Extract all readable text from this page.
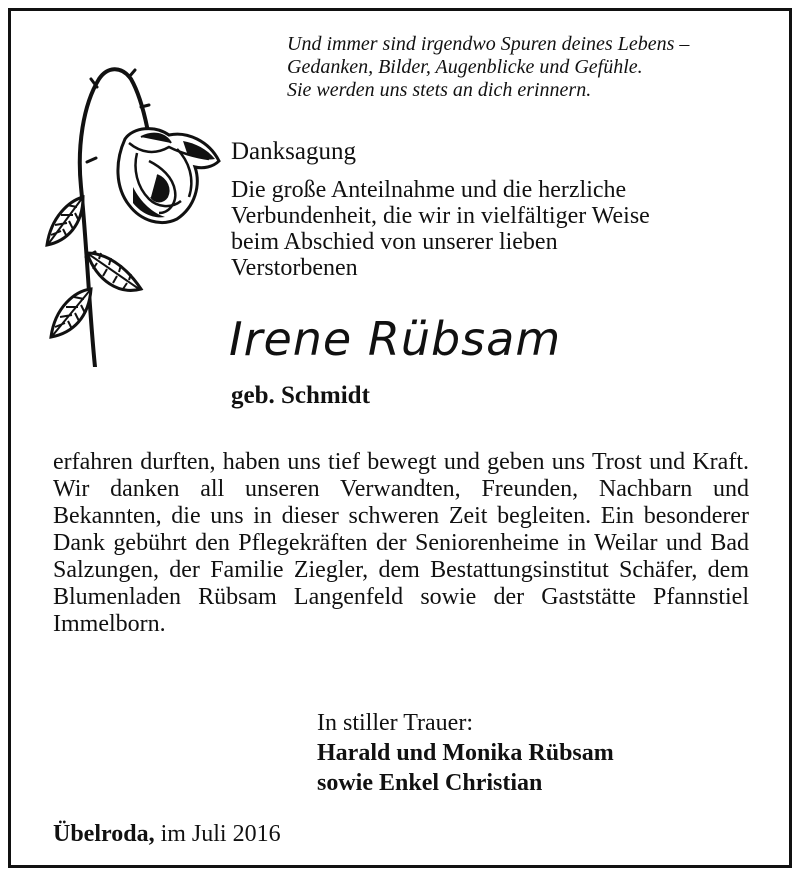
Und immer sind irgendwo Spuren deines Lebens –
Gedanken, Bilder, Augenblicke und Gefühle.
Sie werden uns stets an dich erinnern.
Danksagung
Die große Anteilnahme und die herzliche
Verbundenheit, die wir in vielfältiger Weise
beim Abschied von unserer lieben
Verstorbenen
Irene Rübsam
geb. Schmidt

erfahren durften, haben uns tief bewegt und geben uns Trost und Kraft. Wir danken all unseren Verwandten, Freunden, Nachbarn und Bekannten, die uns in dieser schweren Zeit begleiten. Ein besonderer Dank gebührt den Pflegekräften der Seniorenheime in Weilar und Bad Salzungen, der Familie Ziegler, dem Bestattungsinstitut Schäfer, dem Blumenladen Rübsam Langenfeld sowie der Gaststätte Pfannstiel Immelborn.

In stiller Trauer:
Harald und Monika Rübsam
sowie Enkel Christian
Übelroda, im Juli 2016
